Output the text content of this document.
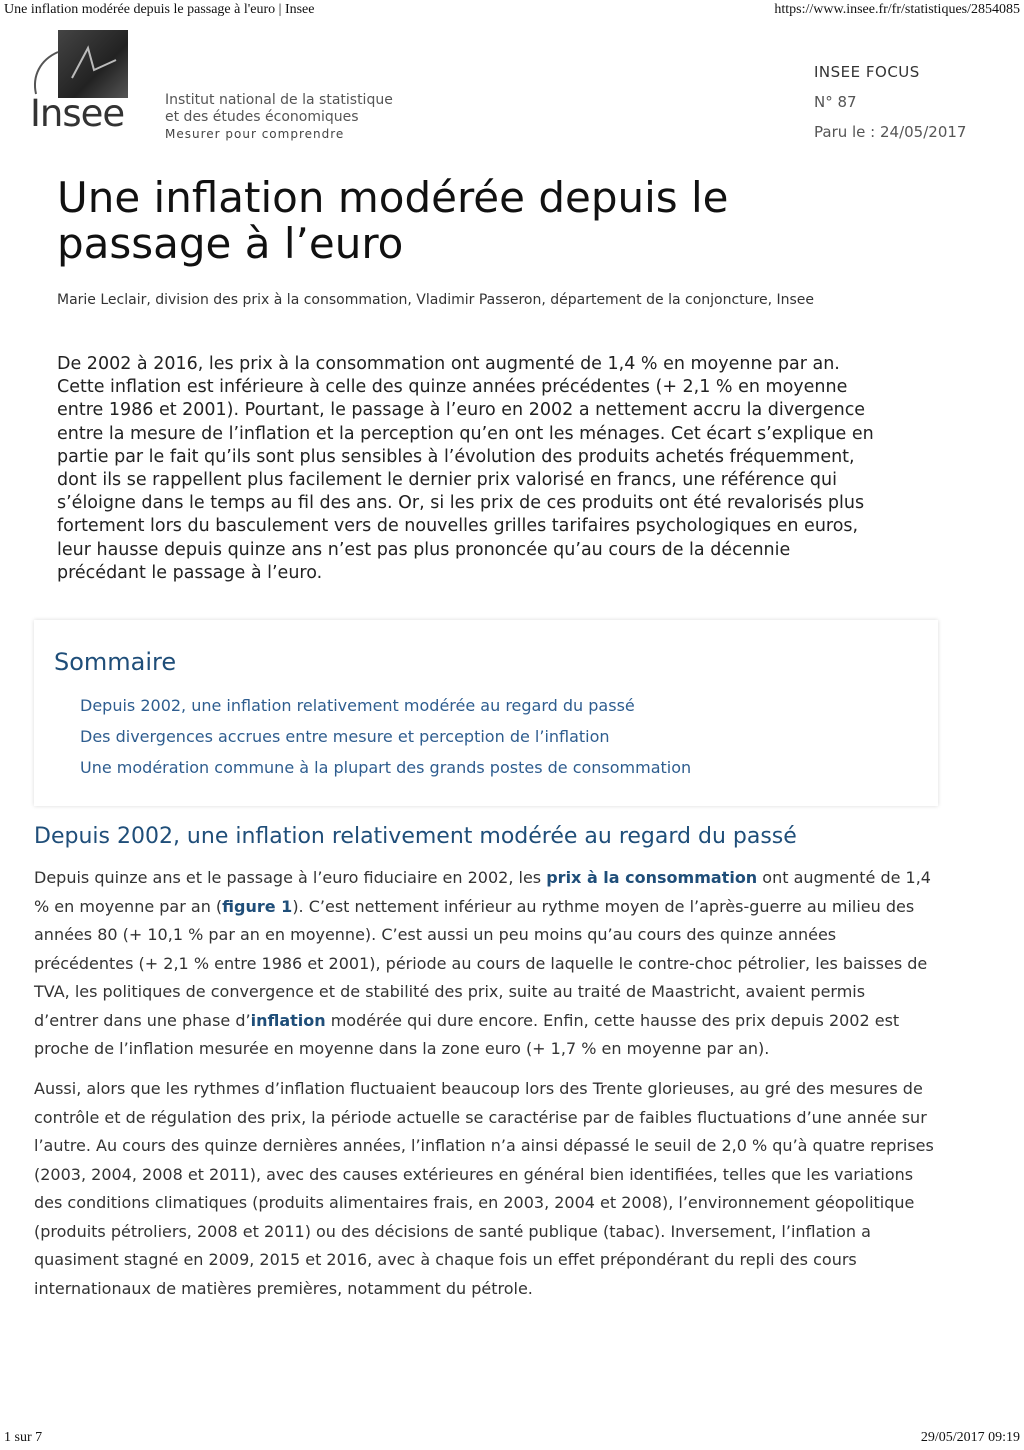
Une inflation modérée depuis le passage à l'euro | Insee	https://www.insee.fr/fr/statistiques/2854085
Insee	Institut national de la statistique
et des études économiques
Mesurer pour comprendre
INSEE FOCUS
N° 87
Paru le : 24/05/2017
Une inflation modérée depuis le passage à l’euro
Marie Leclair, division des prix à la consommation, Vladimir Passeron, département de la conjoncture, Insee
De 2002 à 2016, les prix à la consommation ont augmenté de 1,4 % en moyenne par an. Cette inflation est inférieure à celle des quinze années précédentes (+ 2,1 % en moyenne entre 1986 et 2001). Pourtant, le passage à l’euro en 2002 a nettement accru la divergence entre la mesure de l’inflation et la perception qu’en ont les ménages. Cet écart s’explique en partie par le fait qu’ils sont plus sensibles à l’évolution des produits achetés fréquemment, dont ils se rappellent plus facilement le dernier prix valorisé en francs, une référence qui s’éloigne dans le temps au fil des ans. Or, si les prix de ces produits ont été revalorisés plus fortement lors du basculement vers de nouvelles grilles tarifaires psychologiques en euros, leur hausse depuis quinze ans n’est pas plus prononcée qu’au cours de la décennie précédant le passage à l’euro.
Sommaire
Depuis 2002, une inflation relativement modérée au regard du passé
Des divergences accrues entre mesure et perception de l’inflation
Une modération commune à la plupart des grands postes de consommation
Depuis 2002, une inflation relativement modérée au regard du passé

Depuis quinze ans et le passage à l’euro fiduciaire en 2002, les prix à la consommation ont augmenté de 1,4 % en moyenne par an (figure 1). C’est nettement inférieur au rythme moyen de l’après-guerre au milieu des années 80 (+ 10,1 % par an en moyenne). C’est aussi un peu moins qu’au cours des quinze années précédentes (+ 2,1 % entre 1986 et 2001), période au cours de laquelle le contre-choc pétrolier, les baisses de TVA, les politiques de convergence et de stabilité des prix, suite au traité de Maastricht, avaient permis d’entrer dans une phase d’inflation modérée qui dure encore. Enfin, cette hausse des prix depuis 2002 est proche de l’inflation mesurée en moyenne dans la zone euro (+ 1,7 % en moyenne par an).

Aussi, alors que les rythmes d’inflation fluctuaient beaucoup lors des Trente glorieuses, au gré des mesures de contrôle et de régulation des prix, la période actuelle se caractérise par de faibles fluctuations d’une année sur l’autre. Au cours des quinze dernières années, l’inflation n’a ainsi dépassé le seuil de 2,0 % qu’à quatre reprises (2003, 2004, 2008 et 2011), avec des causes extérieures en général bien identifiées, telles que les variations des conditions climatiques (produits alimentaires frais, en 2003, 2004 et 2008), l’environnement géopolitique (produits pétroliers, 2008 et 2011) ou des décisions de santé publique (tabac). Inversement, l’inflation a quasiment stagné en 2009, 2015 et 2016, avec à chaque fois un effet prépondérant du repli des cours internationaux de matières premières, notamment du pétrole.

1 sur 7	29/05/2017 09:19
